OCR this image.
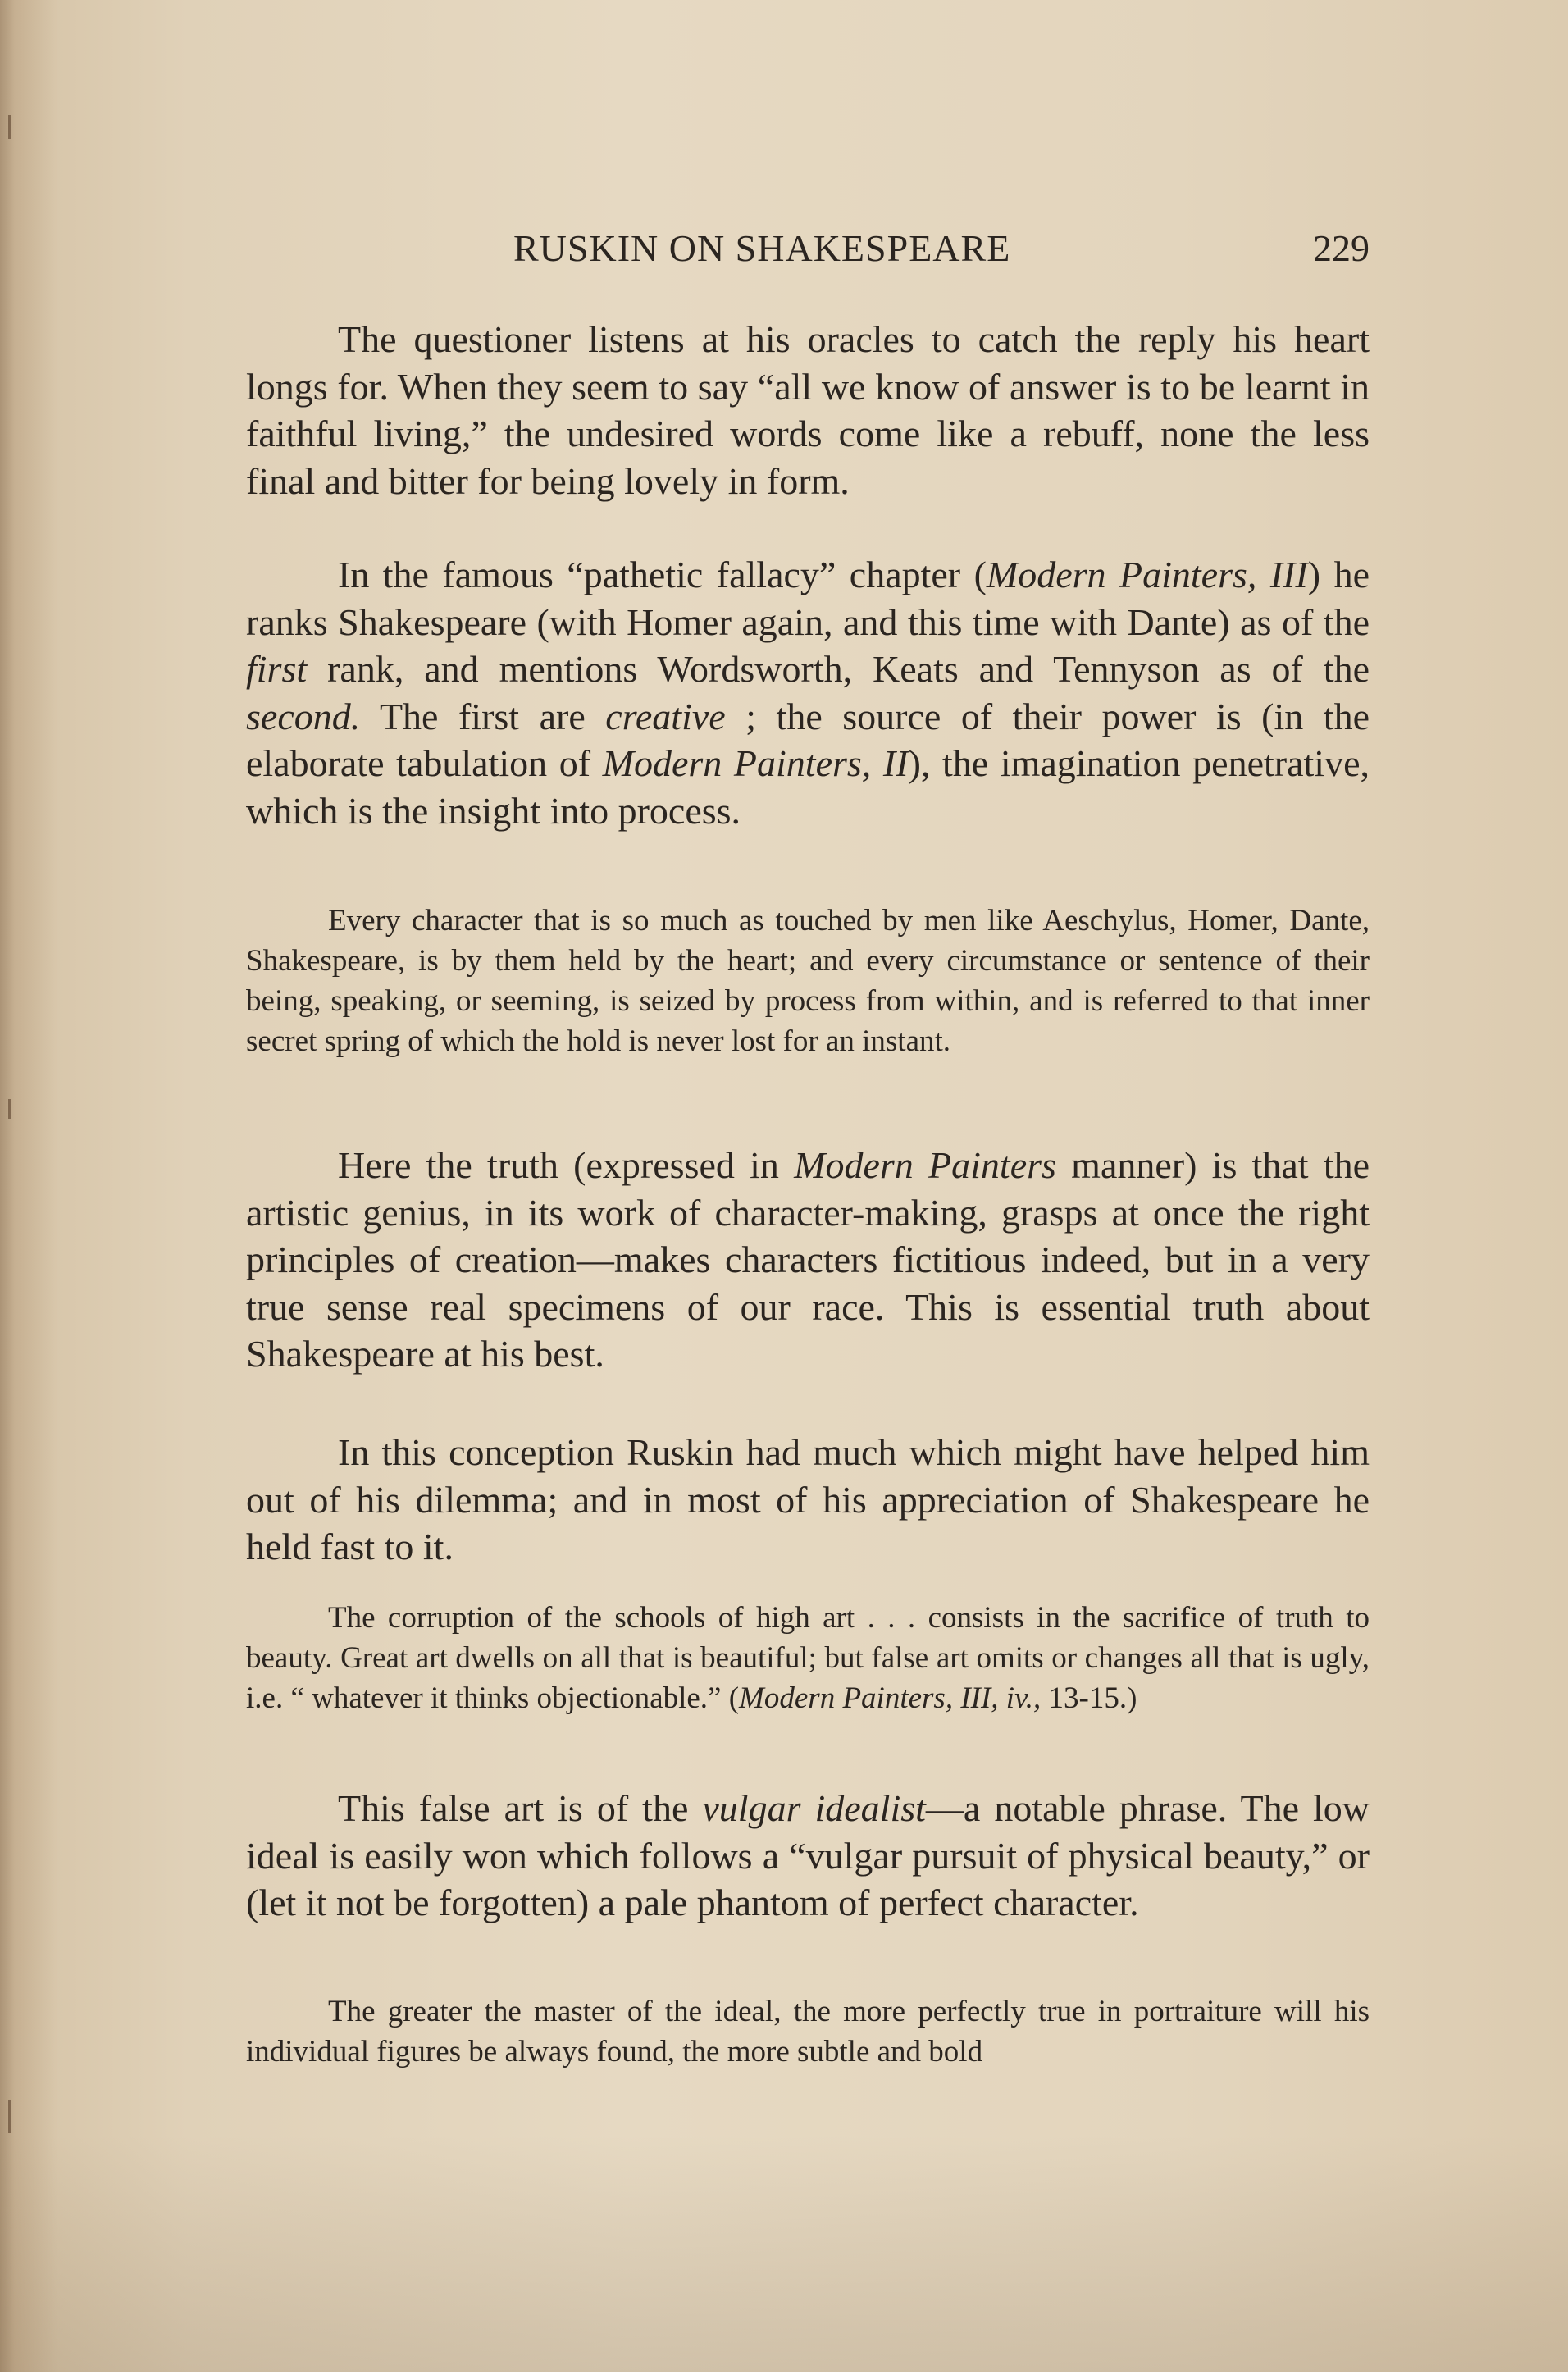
RUSKIN ON SHAKESPEARE	229

The questioner listens at his oracles to catch the reply his heart longs for. When they seem to say “all we know of answer is to be learnt in faithful living,” the undesired words come like a rebuff, none the less final and bitter for being lovely in form.

In the famous “pathetic fallacy” chapter (Modern Painters, III) he ranks Shakespeare (with Homer again, and this time with Dante) as of the first rank, and mentions Wordsworth, Keats and Tennyson as of the second. The first are creative ; the source of their power is (in the elaborate tabulation of Modern Painters, II), the imagination penetrative, which is the insight into process.

Every character that is so much as touched by men like Aeschylus, Homer, Dante, Shakespeare, is by them held by the heart; and every circumstance or sentence of their being, speaking, or seeming, is seized by process from within, and is referred to that inner secret spring of which the hold is never lost for an instant.

Here the truth (expressed in Modern Painters manner) is that the artistic genius, in its work of character-making, grasps at once the right principles of creation—makes characters fictitious indeed, but in a very true sense real specimens of our race. This is essential truth about Shakespeare at his best.

In this conception Ruskin had much which might have helped him out of his dilemma; and in most of his appreciation of Shakespeare he held fast to it.

The corruption of the schools of high art . . . consists in the sacrifice of truth to beauty. Great art dwells on all that is beautiful; but false art omits or changes all that is ugly, i.e. “ whatever it thinks objectionable.” (Modern Painters, III, iv., 13-15.)

This false art is of the vulgar idealist—a notable phrase. The low ideal is easily won which follows a “vulgar pursuit of physical beauty,” or (let it not be forgotten) a pale phantom of perfect character.

The greater the master of the ideal, the more perfectly true in portraiture will his individual figures be always found, the more subtle and bold
